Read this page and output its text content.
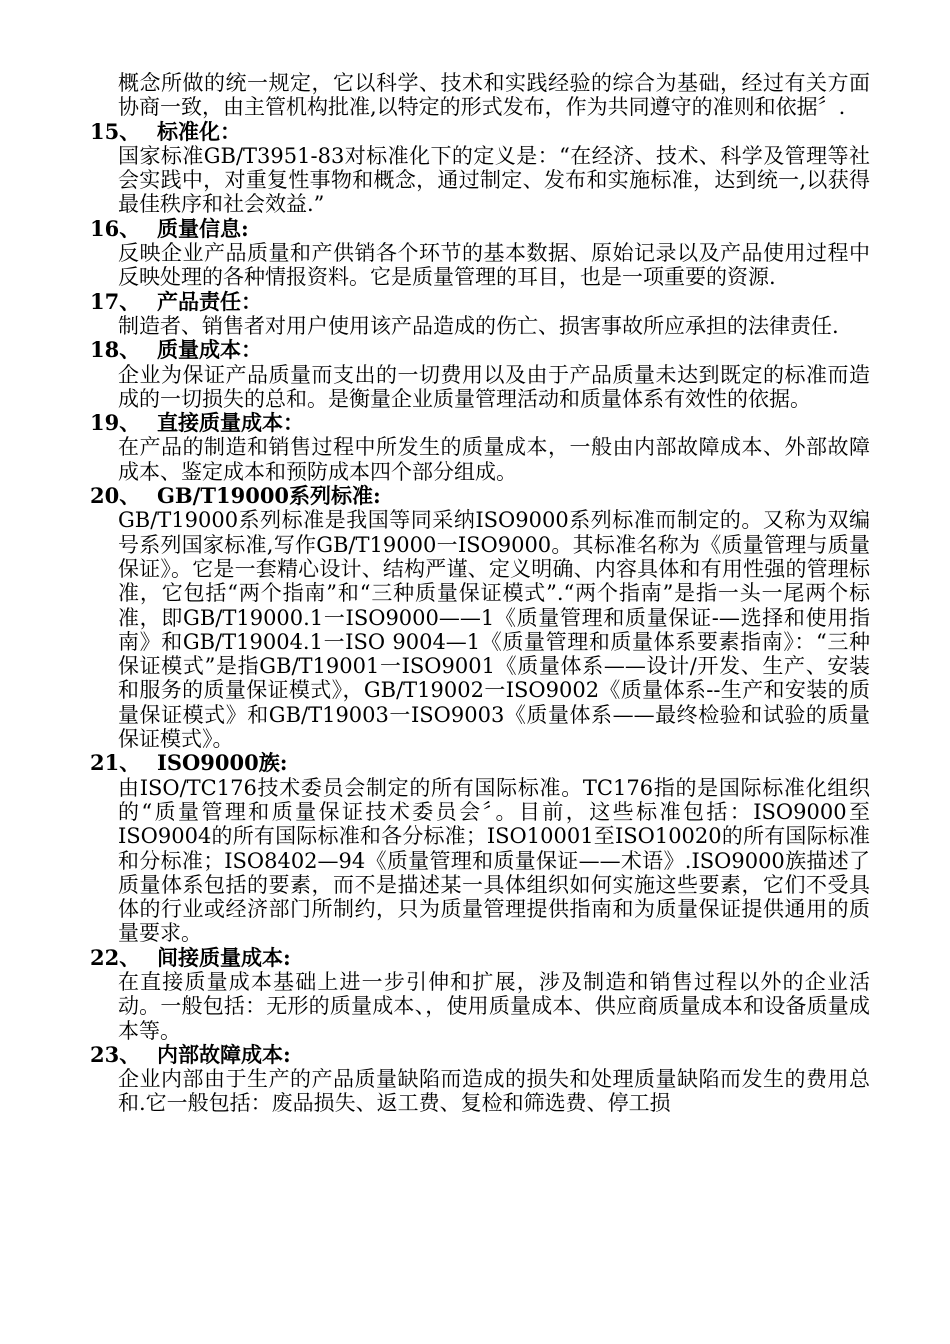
概念所做的统一规定，它以科学、技术和实践经验的综合为基础，经过有关方面协商一致，由主管机构批准,以特定的形式发布，作为共同遵守的准则和依据〞.

15、 标准化：

国家标准GB/T3951-83对标准化下的定义是：“在经济、技术、科学及管理等社会实践中，对重复性事物和概念，通过制定、发布和实施标准，达到统一,以获得最佳秩序和社会效益.”

16、 质量信息:

反映企业产品质量和产供销各个环节的基本数据、原始记录以及产品使用过程中反映处理的各种情报资料。它是质量管理的耳目，也是一项重要的资源.

17、 产品责任：

制造者、销售者对用户使用该产品造成的伤亡、损害事故所应承担的法律责任.

18、 质量成本：

企业为保证产品质量而支出的一切费用以及由于产品质量未达到既定的标准而造成的一切损失的总和。是衡量企业质量管理活动和质量体系有效性的依据。

19、 直接质量成本：

在产品的制造和销售过程中所发生的质量成本，一般由内部故障成本、外部故障成本、鉴定成本和预防成本四个部分组成。

20、 GB/T19000系列标准:

GB/T19000系列标准是我国等同采纳ISO9000系列标准而制定的。又称为双编号系列国家标准,写作GB/T19000一ISO9000。其标准名称为《质量管理与质量保证》。它是一套精心设计、结构严谨、定义明确、内容具体和有用性强的管理标准，它包括“两个指南”和“三种质量保证模式”.“两个指南”是指一头一尾两个标准，即GB/T19000.1一ISO9000——1《质量管理和质量保证-—选择和使用指南》和GB/T19004.1一ISO 9004—1《质量管理和质量体系要素指南》：“三种保证模式”是指GB/T19001一ISO9001《质量体系——设计/开发、生产、安装和服务的质量保证模式》，GB/T19002一ISO9002《质量体系--生产和安装的质量保证模式》和GB/T19003一ISO9003《质量体系——最终检验和试验的质量保证模式》。

21、 ISO9000族:

由ISO/TC176技术委员会制定的所有国际标准。TC176指的是国际标准化组织的“质量管理和质量保证技术委员会〞。目前，这些标准包括：ISO9000至ISO9004的所有国际标准和各分标准；ISO10001至ISO10020的所有国际标准和分标准；ISO8402—94《质量管理和质量保证——术语》.ISO9000族描述了质量体系包括的要素，而不是描述某一具体组织如何实施这些要素，它们不受具体的行业或经济部门所制约，只为质量管理提供指南和为质量保证提供通用的质量要求。

22、 间接质量成本:

在直接质量成本基础上进一步引伸和扩展，涉及制造和销售过程以外的企业活动。一般包括：无形的质量成本、，使用质量成本、供应商质量成本和设备质量成本等。

23、 内部故障成本:

企业内部由于生产的产品质量缺陷而造成的损失和处理质量缺陷而发生的费用总和.它一般包括：废品损失、返工费、复检和筛选费、停工损
